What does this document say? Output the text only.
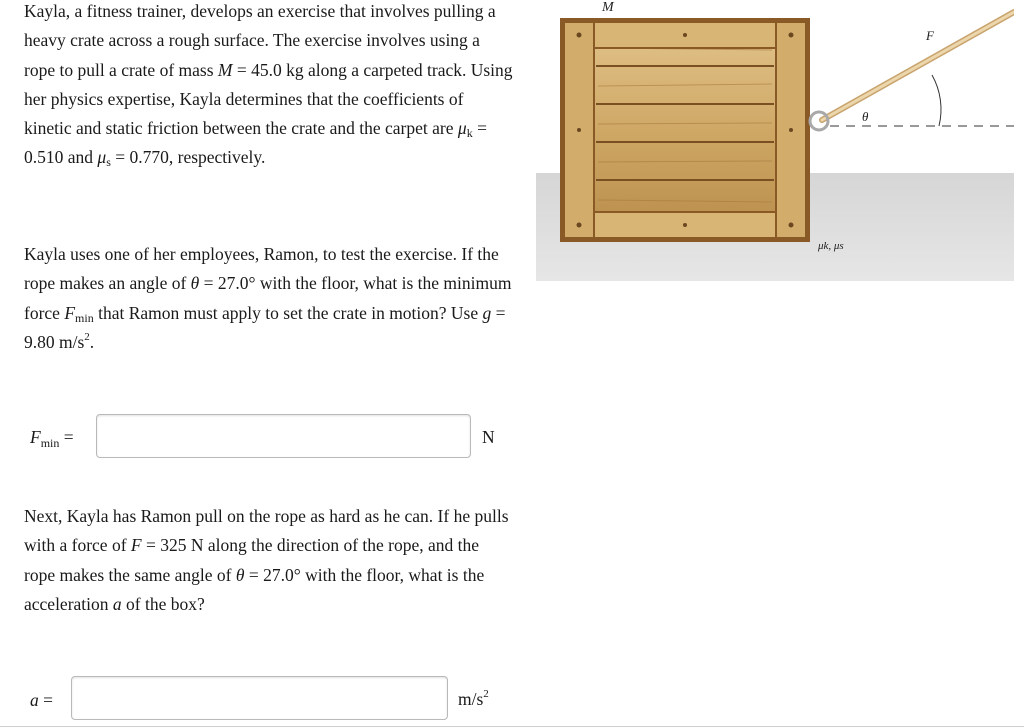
Kayla, a fitness trainer, develops an exercise that involves pulling a heavy crate across a rough surface. The exercise involves using a rope to pull a crate of mass M = 45.0 kg along a carpeted track. Using her physics expertise, Kayla determines that the coefficients of kinetic and static friction between the crate and the carpet are $\mu_k = 0.510$ and $\mu_s = 0.770$, respectively.

Kayla uses one of her employees, Ramon, to test the exercise. If the rope makes an angle of θ = 27.0° with the floor, what is the minimum force $F_{min}$ that Ramon must apply to set the crate in motion? Use g = 9.80 $m/s^2$.

$F_{min}$ =	N

Next, Kayla has Ramon pull on the rope as hard as he can. If he pulls with a force of F = 325 N along the direction of the rope, and the rope makes the same angle of θ = 27.0° with the floor, what is the acceleration a of the box?

a =	$m/s^2$
M
F
θ
μk, μs
